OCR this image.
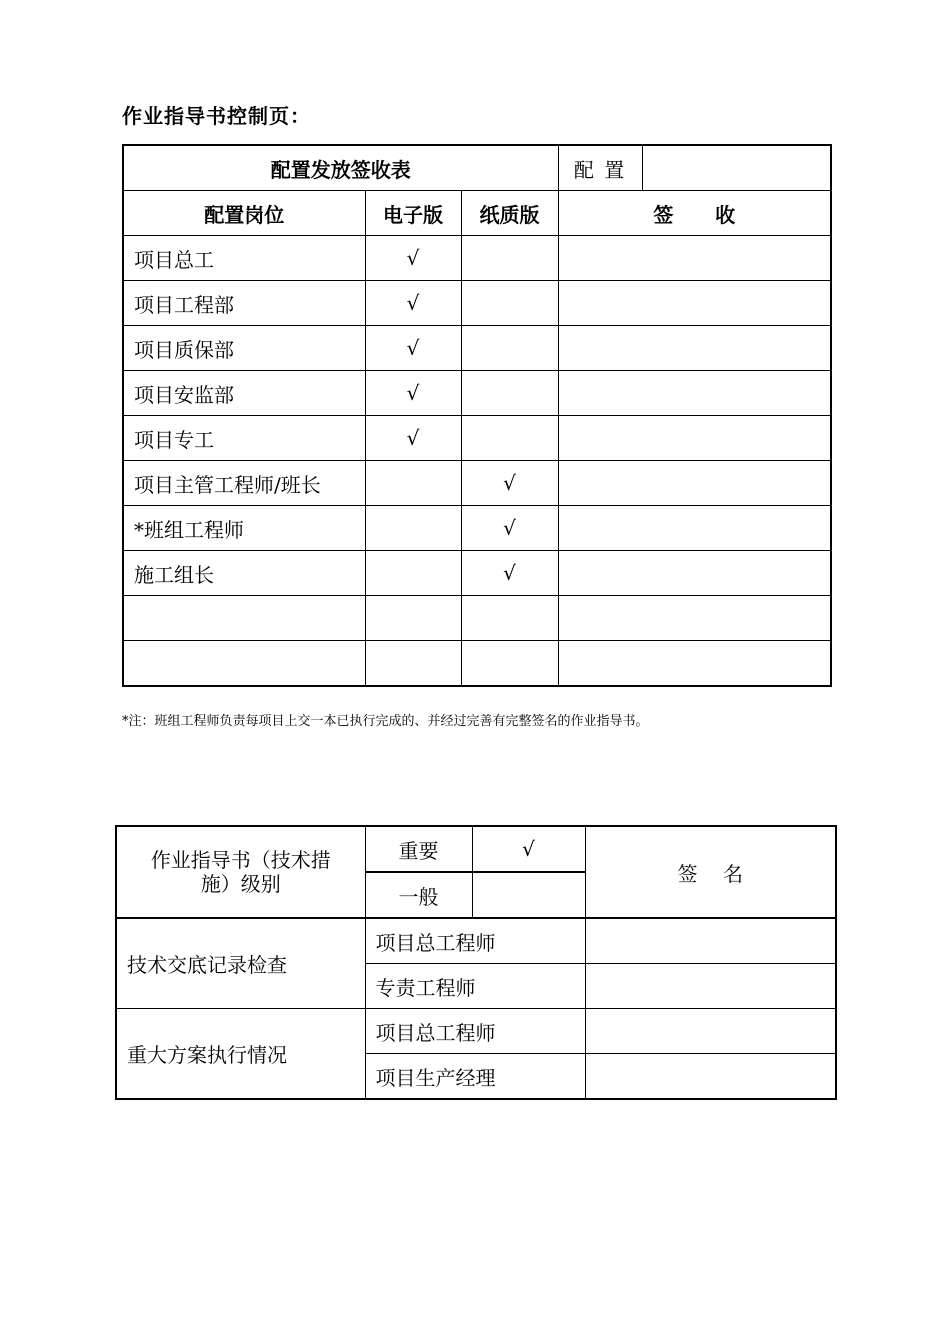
作业指导书控制页：
配置发放签收表			配 置	
配置岗位	电子版	纸质版	签      收	
项目总工	√			
项目工程部	√			
项目质保部	√			
项目安监部	√			
项目专工	√			
项目主管工程师/班长		√		
*班组工程师		√		
施工组长		√		

*注：班组工程师负责每项目上交一本已执行完成的、并经过完善有完整签名的作业指导书。
作业指导书（技术措施）级别	重要	√	签    名
	一般		
技术交底记录检查	项目总工程师		
	专责工程师		
重大方案执行情况	项目总工程师		
	项目生产经理		
